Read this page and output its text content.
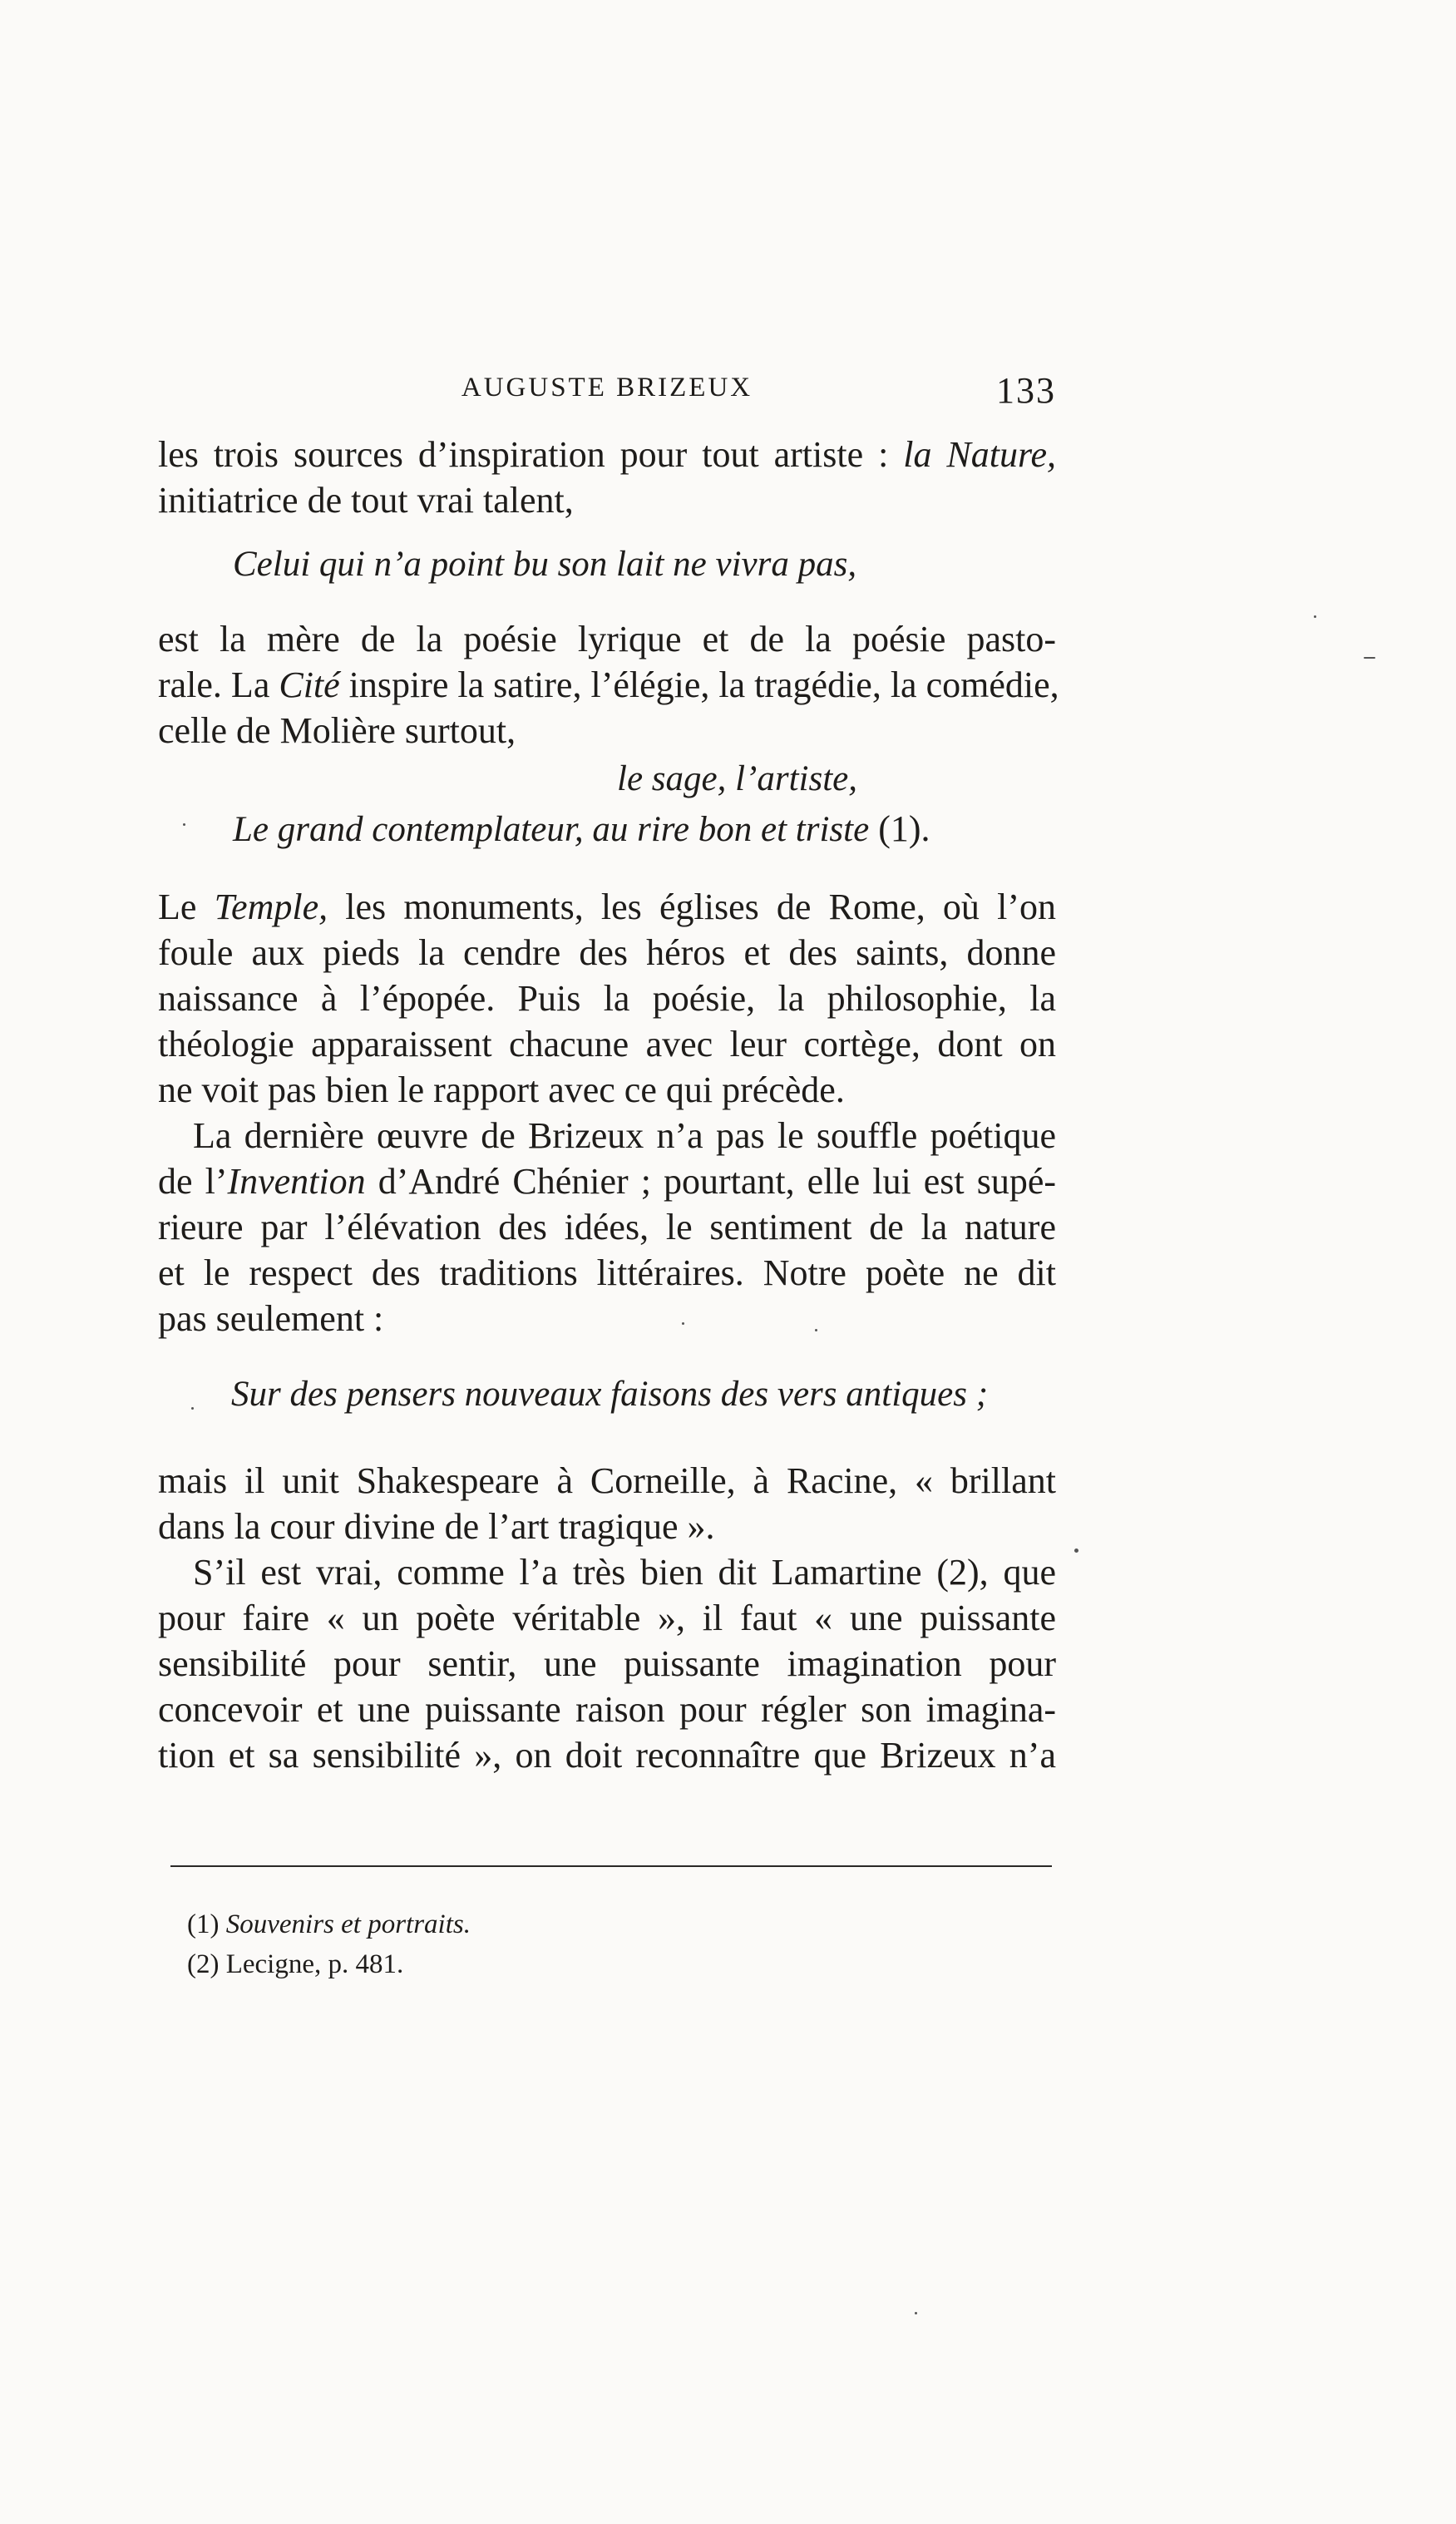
AUGUSTE BRIZEUX	133
les trois sources d’inspiration pour tout artiste : la Nature,
initiatrice de tout vrai talent,
Celui qui n’a point bu son lait ne vivra pas,
est la mère de la poésie lyrique et de la poésie pasto-
rale. La Cité inspire la satire, l’élégie, la tragédie, la comédie,
celle de Molière surtout,
le sage, l’artiste,
Le grand contemplateur, au rire bon et triste (1).
Le Temple, les monuments, les églises de Rome, où l’on
foule aux pieds la cendre des héros et des saints, donne
naissance à l’épopée. Puis la poésie, la philosophie, la
théologie apparaissent chacune avec leur cortège, dont on
ne voit pas bien le rapport avec ce qui précède.
La dernière œuvre de Brizeux n’a pas le souffle poétique
de l’Invention d’André Chénier ; pourtant, elle lui est supé-
rieure par l’élévation des idées, le sentiment de la nature
et le respect des traditions littéraires. Notre poète ne dit
pas seulement :
Sur des pensers nouveaux faisons des vers antiques ;
mais il unit Shakespeare à Corneille, à Racine, « brillant
dans la cour divine de l’art tragique ».
S’il est vrai, comme l’a très bien dit Lamartine (2), que
pour faire « un poète véritable », il faut « une puissante
sensibilité pour sentir, une puissante imagination pour
concevoir et une puissante raison pour régler son imagina-
tion et sa sensibilité », on doit reconnaître que Brizeux n’a
(1) Souvenirs et portraits.
(2) Lecigne, p. 481.
